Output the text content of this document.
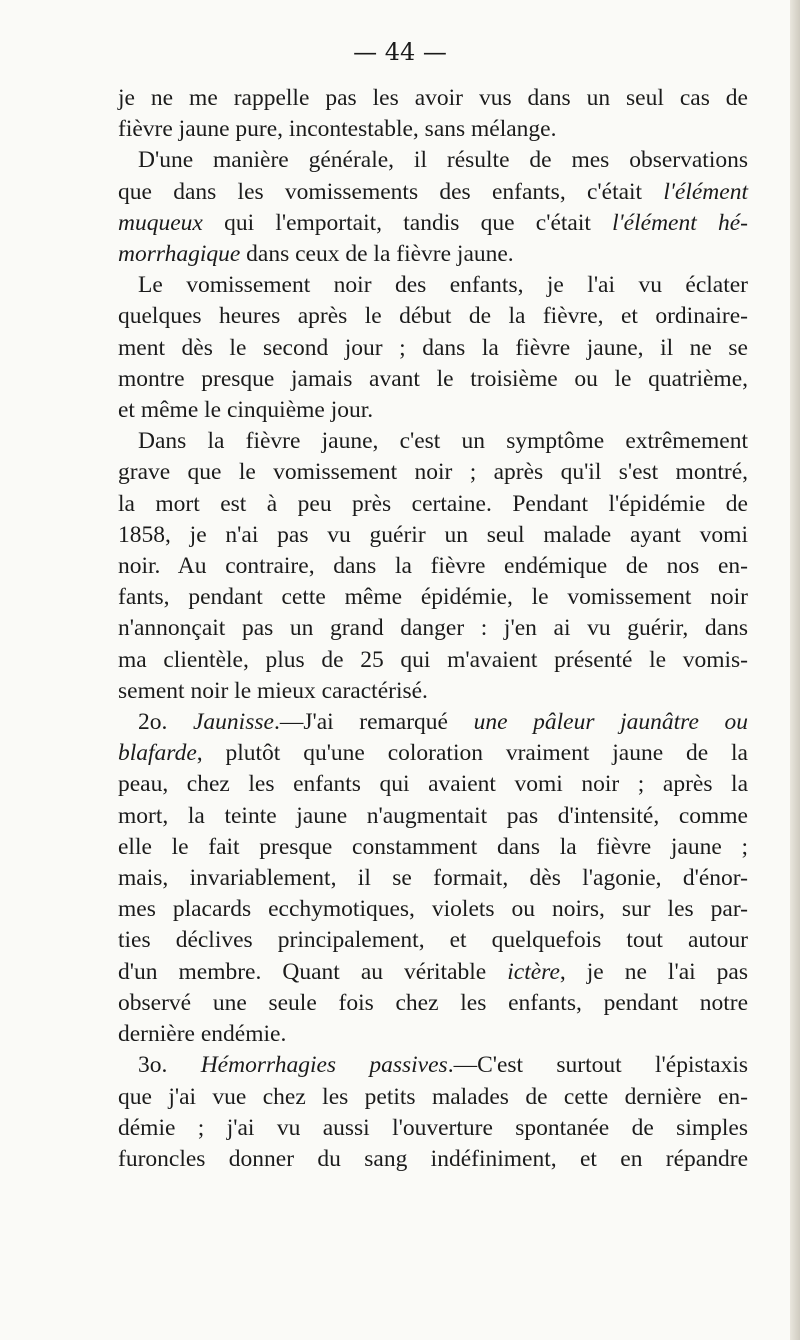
— 44 —
je ne me rappelle pas les avoir vus dans un seul cas de
fièvre jaune pure, incontestable, sans mélange.
D'une manière générale, il résulte de mes observations
que dans les vomissements des enfants, c'était l'élément
muqueux qui l'emportait, tandis que c'était l'élément hé-
morrhagique dans ceux de la fièvre jaune.
Le vomissement noir des enfants, je l'ai vu éclater
quelques heures après le début de la fièvre, et ordinaire-
ment dès le second jour ; dans la fièvre jaune, il ne se
montre presque jamais avant le troisième ou le quatrième,
et même le cinquième jour.
Dans la fièvre jaune, c'est un symptôme extrêmement
grave que le vomissement noir ; après qu'il s'est montré,
la mort est à peu près certaine. Pendant l'épidémie de
1858, je n'ai pas vu guérir un seul malade ayant vomi
noir. Au contraire, dans la fièvre endémique de nos en-
fants, pendant cette même épidémie, le vomissement noir
n'annonçait pas un grand danger : j'en ai vu guérir, dans
ma clientèle, plus de 25 qui m'avaient présenté le vomis-
sement noir le mieux caractérisé.
2o. Jaunisse.—J'ai remarqué une pâleur jaunâtre ou
blafarde, plutôt qu'une coloration vraiment jaune de la
peau, chez les enfants qui avaient vomi noir ; après la
mort, la teinte jaune n'augmentait pas d'intensité, comme
elle le fait presque constamment dans la fièvre jaune ;
mais, invariablement, il se formait, dès l'agonie, d'énor-
mes placards ecchymotiques, violets ou noirs, sur les par-
ties déclives principalement, et quelquefois tout autour
d'un membre. Quant au véritable ictère, je ne l'ai pas
observé une seule fois chez les enfants, pendant notre
dernière endémie.
3o. Hémorrhagies passives.—C'est surtout l'épistaxis
que j'ai vue chez les petits malades de cette dernière en-
démie ; j'ai vu aussi l'ouverture spontanée de simples
furoncles donner du sang indéfiniment, et en répandre
